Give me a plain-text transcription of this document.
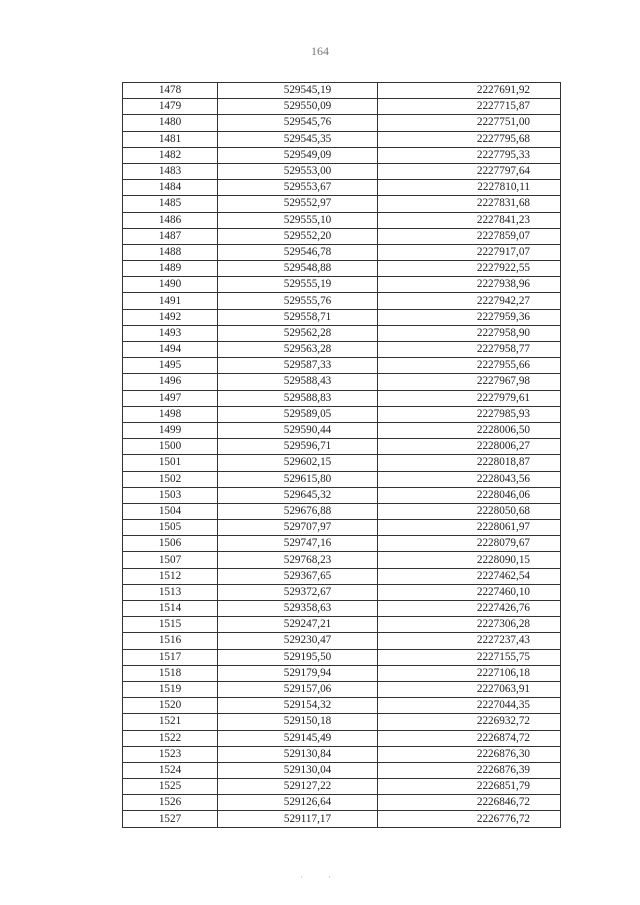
164
1478	529545,19	2227691,92
1479	529550,09	2227715,87
1480	529545,76	2227751,00
1481	529545,35	2227795,68
1482	529549,09	2227795,33
1483	529553,00	2227797,64
1484	529553,67	2227810,11
1485	529552,97	2227831,68
1486	529555,10	2227841,23
1487	529552,20	2227859,07
1488	529546,78	2227917,07
1489	529548,88	2227922,55
1490	529555,19	2227938,96
1491	529555,76	2227942,27
1492	529558,71	2227959,36
1493	529562,28	2227958,90
1494	529563,28	2227958,77
1495	529587,33	2227955,66
1496	529588,43	2227967,98
1497	529588,83	2227979,61
1498	529589,05	2227985,93
1499	529590,44	2228006,50
1500	529596,71	2228006,27
1501	529602,15	2228018,87
1502	529615,80	2228043,56
1503	529645,32	2228046,06
1504	529676,88	2228050,68
1505	529707,97	2228061,97
1506	529747,16	2228079,67
1507	529768,23	2228090,15
1512	529367,65	2227462,54
1513	529372,67	2227460,10
1514	529358,63	2227426,76
1515	529247,21	2227306,28
1516	529230,47	2227237,43
1517	529195,50	2227155,75
1518	529179,94	2227106,18
1519	529157,06	2227063,91
1520	529154,32	2227044,35
1521	529150,18	2226932,72
1522	529145,49	2226874,72
1523	529130,84	2226876,30
1524	529130,04	2226876,39
1525	529127,22	2226851,79
1526	529126,64	2226846,72
1527	529117,17	2226776,72
·	·
